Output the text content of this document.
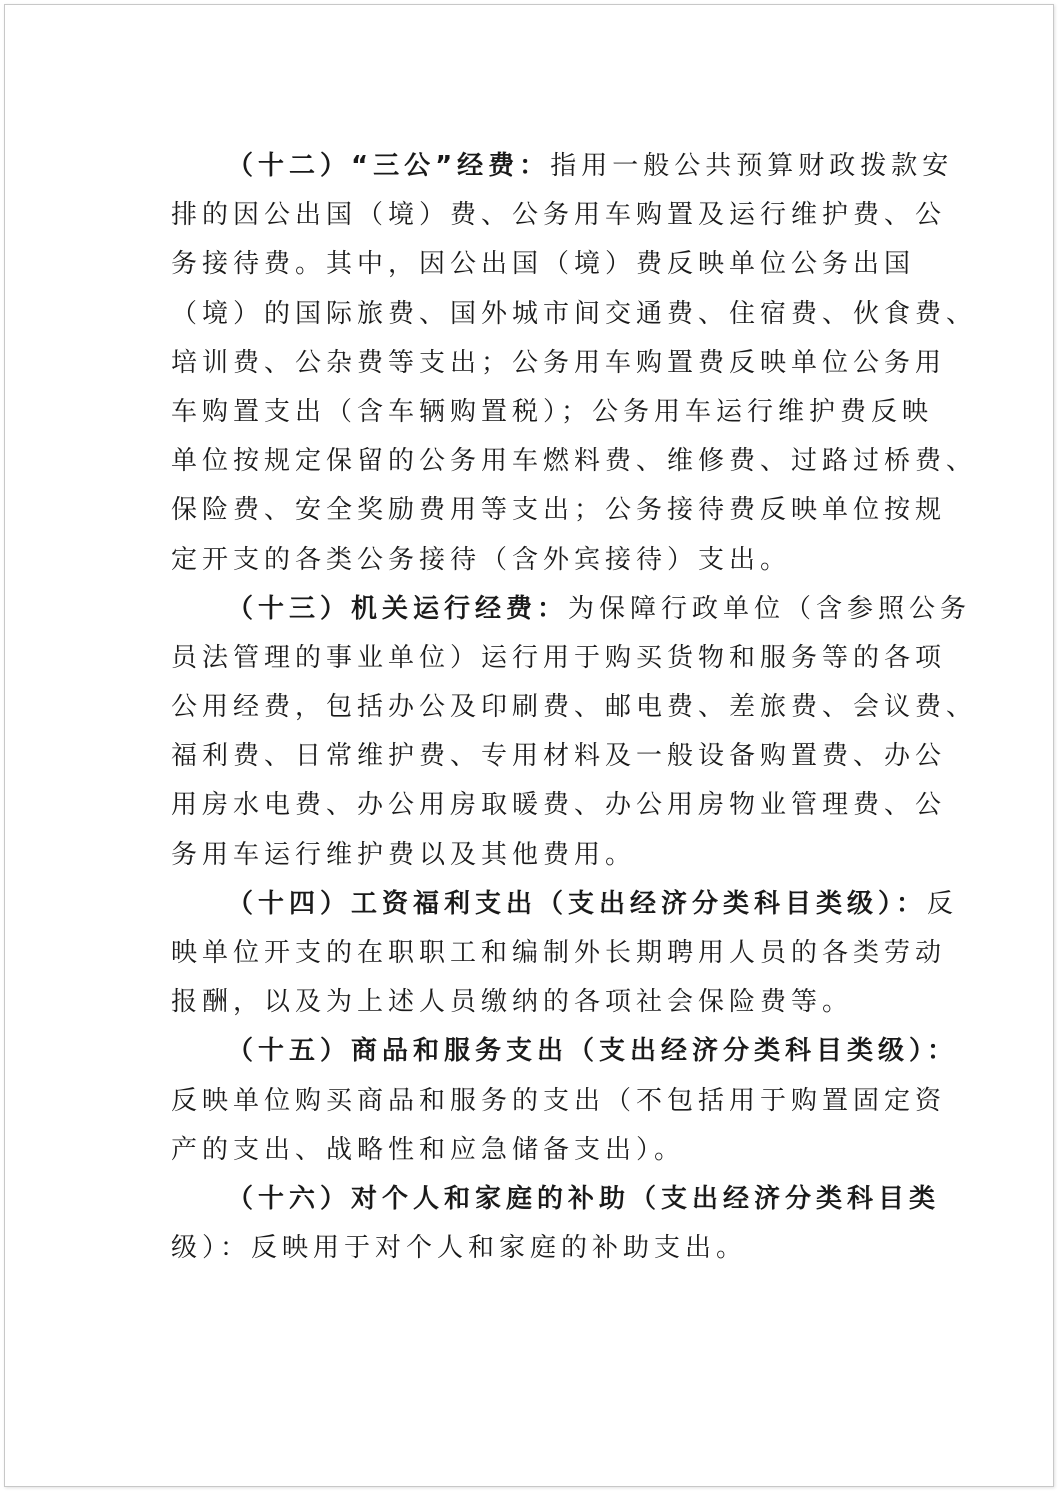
（十二）“三公”经费：指用一般公共预算财政拨款安
排的因公出国（境）费、公务用车购置及运行维护费、公
务接待费。其中，因公出国（境）费反映单位公务出国
（境）的国际旅费、国外城市间交通费、住宿费、伙食费、
培训费、公杂费等支出；公务用车购置费反映单位公务用
车购置支出（含车辆购置税）；公务用车运行维护费反映
单位按规定保留的公务用车燃料费、维修费、过路过桥费、
保险费、安全奖励费用等支出；公务接待费反映单位按规
定开支的各类公务接待（含外宾接待）支出。
（十三）机关运行经费：为保障行政单位（含参照公务
员法管理的事业单位）运行用于购买货物和服务等的各项
公用经费，包括办公及印刷费、邮电费、差旅费、会议费、
福利费、日常维护费、专用材料及一般设备购置费、办公
用房水电费、办公用房取暖费、办公用房物业管理费、公
务用车运行维护费以及其他费用。
（十四）工资福利支出（支出经济分类科目类级）：反
映单位开支的在职职工和编制外长期聘用人员的各类劳动
报酬，以及为上述人员缴纳的各项社会保险费等。
（十五）商品和服务支出（支出经济分类科目类级）：
反映单位购买商品和服务的支出（不包括用于购置固定资
产的支出、战略性和应急储备支出）。
（十六）对个人和家庭的补助（支出经济分类科目类
级）：反映用于对个人和家庭的补助支出。
